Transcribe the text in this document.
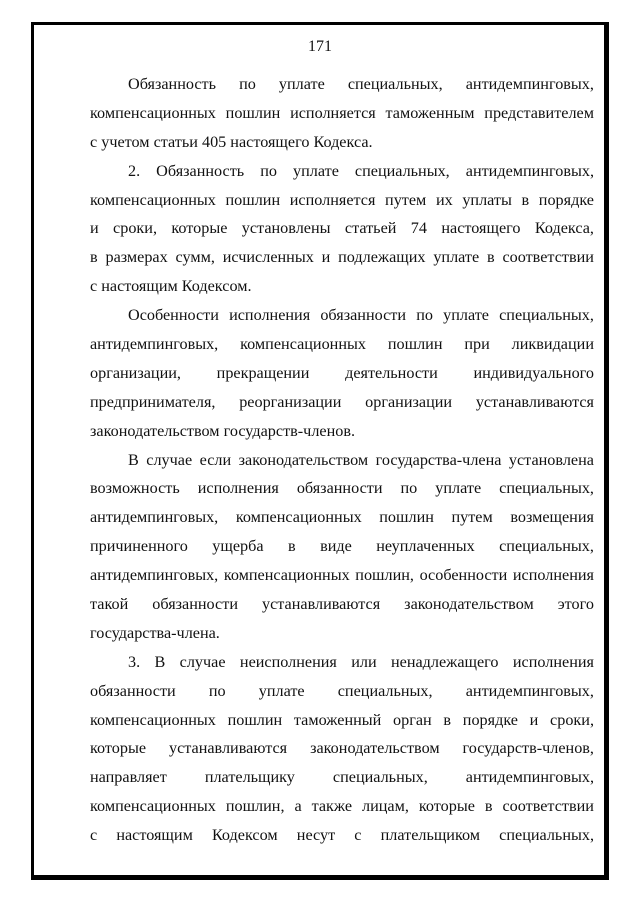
171
Обязанность по уплате специальных, антидемпинговых,
компенсационных пошлин исполняется таможенным представителем
с учетом статьи 405 настоящего Кодекса.
2. Обязанность по уплате специальных, антидемпинговых,
компенсационных пошлин исполняется путем их уплаты в порядке
и сроки, которые установлены статьей 74 настоящего Кодекса,
в размерах сумм, исчисленных и подлежащих уплате в соответствии
с настоящим Кодексом.
Особенности исполнения обязанности по уплате специальных,
антидемпинговых, компенсационных пошлин при ликвидации
организации, прекращении деятельности индивидуального
предпринимателя, реорганизации организации устанавливаются
законодательством государств-членов.
В случае если законодательством государства-члена установлена
возможность исполнения обязанности по уплате специальных,
антидемпинговых, компенсационных пошлин путем возмещения
причиненного ущерба в виде неуплаченных специальных,
антидемпинговых, компенсационных пошлин, особенности исполнения
такой обязанности устанавливаются законодательством этого
государства-члена.
3. В случае неисполнения или ненадлежащего исполнения
обязанности по уплате специальных, антидемпинговых,
компенсационных пошлин таможенный орган в порядке и сроки,
которые устанавливаются законодательством государств-членов,
направляет плательщику специальных, антидемпинговых,
компенсационных пошлин, а также лицам, которые в соответствии
с настоящим Кодексом несут с плательщиком специальных,
